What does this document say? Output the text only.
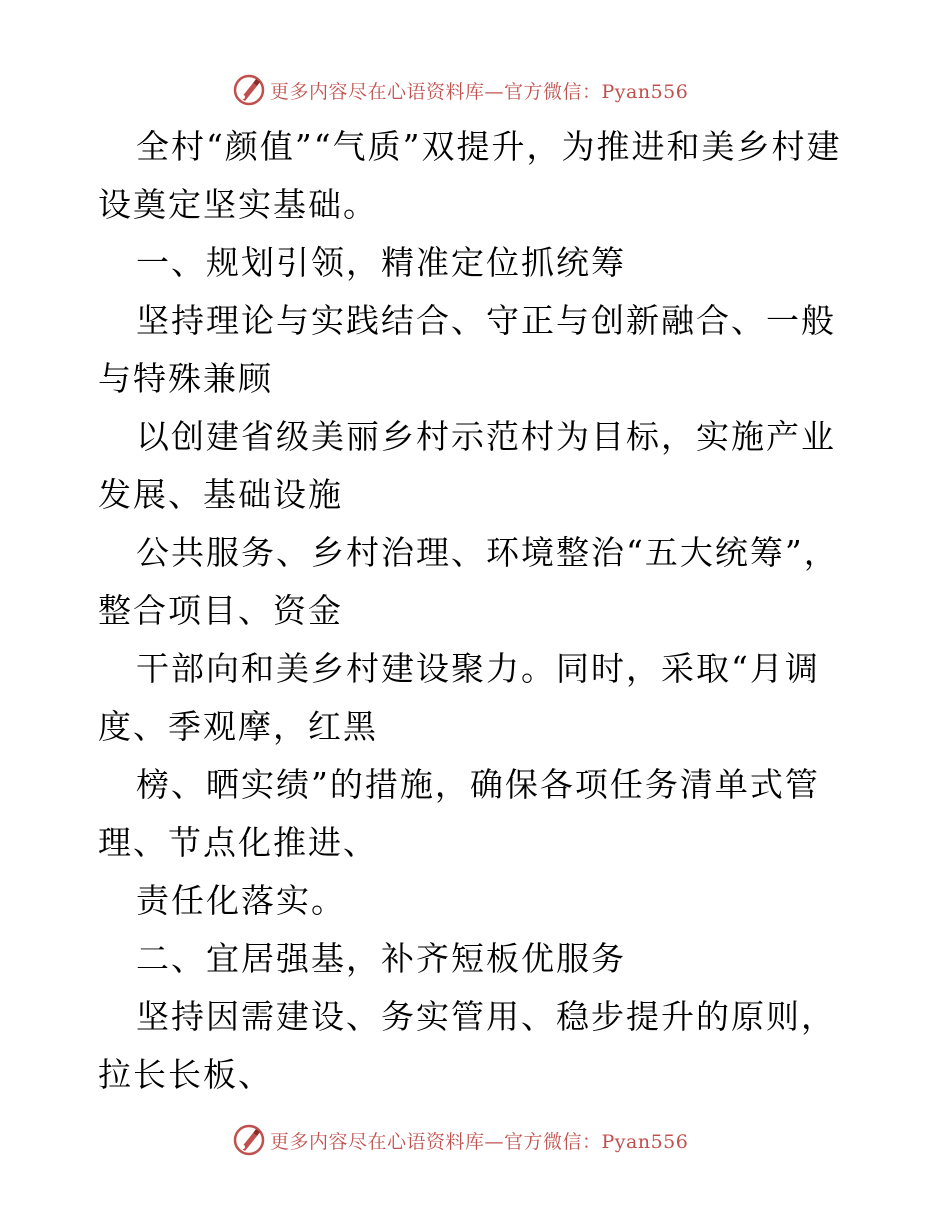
更多内容尽在心语资料库—官方微信：Pyan556

全村“颜值”“气质”双提升，为推进和美乡村建设奠定坚实基础。

一、规划引领，精准定位抓统筹

坚持理论与实践结合、守正与创新融合、一般与特殊兼顾

以创建省级美丽乡村示范村为目标，实施产业发展、基础设施

公共服务、乡村治理、环境整治“五大统筹”，整合项目、资金

干部向和美乡村建设聚力。同时，采取“月调度、季观摩，红黑

榜、晒实绩”的措施，确保各项任务清单式管理、节点化推进、

责任化落实。

二、宜居强基，补齐短板优服务

坚持因需建设、务实管用、稳步提升的原则，拉长长板、

更多内容尽在心语资料库—官方微信：Pyan556
